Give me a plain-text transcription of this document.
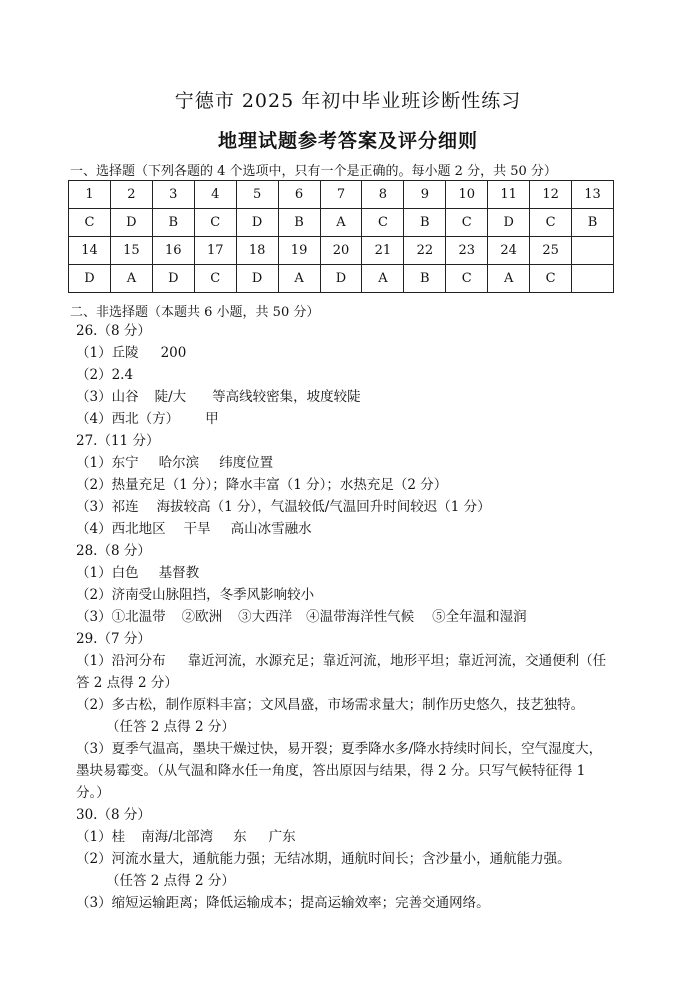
宁德市 2025 年初中毕业班诊断性练习
地理试题参考答案及评分细则
一、选择题（下列各题的 4 个选项中，只有一个是正确的。每小题 2 分，共 50 分）
1	2	3	4	5	6	7	8	9	10	11	12	13
C	D	B	C	D	B	A	C	B	C	D	C	B
14	15	16	17	18	19	20	21	22	23	24	25	
D	A	D	C	D	A	D	A	B	C	A	C	
二、非选择题（本题共 6 小题，共 50 分）
26.（8 分）
（1）丘陵 200
（2）2.4
（3）山谷 陡/大 等高线较密集，坡度较陡
（4）西北（方） 甲
27.（11 分）
（1）东宁 哈尔滨 纬度位置
（2）热量充足（1 分）；降水丰富（1 分）；水热充足（2 分）
（3）祁连 海拔较高（1 分），气温较低/气温回升时间较迟（1 分）
（4）西北地区 干旱 高山冰雪融水
28.（8 分）
（1）白色 基督教
（2）济南受山脉阻挡，冬季风影响较小
（3）①北温带 ②欧洲 ③大西洋 ④温带海洋性气候 ⑤全年温和湿润
29.（7 分）
（1）沿河分布 靠近河流，水源充足；靠近河流，地形平坦；靠近河流，交通便利（任
答 2 点得 2 分）
（2）多古松，制作原料丰富；文风昌盛，市场需求量大；制作历史悠久，技艺独特。
（任答 2 点得 2 分）
（3）夏季气温高，墨块干燥过快，易开裂；夏季降水多/降水持续时间长，空气湿度大，
墨块易霉变。（从气温和降水任一角度，答出原因与结果，得 2 分。只写气候特征得 1
分。）
30.（8 分）
（1）桂 南海/北部湾 东 广东
（2）河流水量大，通航能力强；无结冰期，通航时间长；含沙量小，通航能力强。
（任答 2 点得 2 分）
（3）缩短运输距离；降低运输成本；提高运输效率；完善交通网络。
